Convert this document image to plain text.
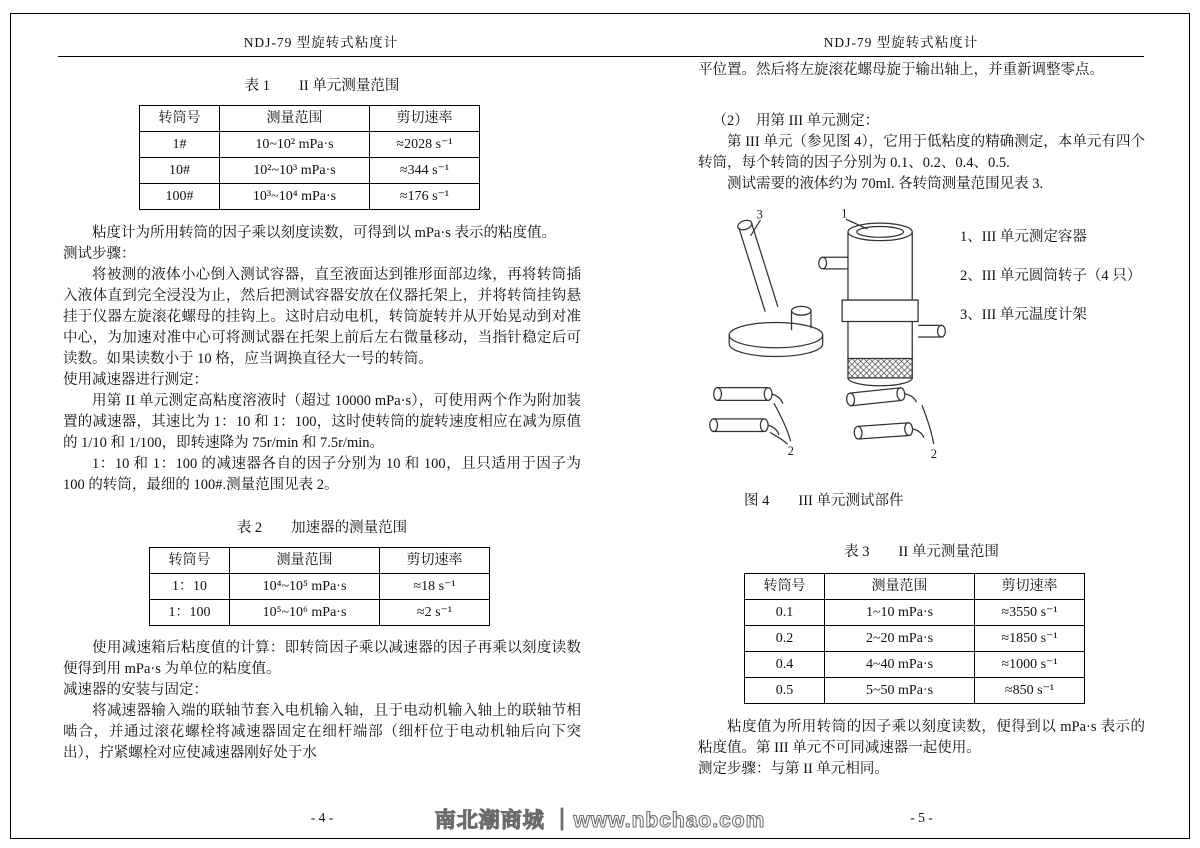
NDJ-79 型旋转式粘度计	NDJ-79 型旋转式粘度计
表 1　　II 单元测量范围
转筒号	测量范围	剪切速率
1#	10~10² mPa·s	≈2028 s⁻¹
10#	10²~10³ mPa·s	≈344 s⁻¹
100#	10³~10⁴ mPa·s	≈176 s⁻¹
粘度计为所用转筒的因子乘以刻度读数，可得到以 mPa·s 表示的粘度值。
测试步骤：
将被测的液体小心倒入测试容器，直至液面达到锥形面部边缘，再将转筒插入液体直到完全浸没为止，然后把测试容器安放在仪器托架上，并将转筒挂钩悬挂于仪器左旋滚花螺母的挂钩上。这时启动电机，转筒旋转并从开始晃动到对准中心，为加速对准中心可将测试器在托架上前后左右微量移动，当指针稳定后可读数。如果读数小于 10 格，应当调换直径大一号的转筒。
使用减速器进行测定：
用第 II 单元测定高粘度溶液时（超过 10000 mPa·s），可使用两个作为附加装置的减速器，其速比为 1：10 和 1：100，这时使转筒的旋转速度相应在减为原值的 1/10 和 1/100，即转速降为 75r/min 和 7.5r/min。
1：10 和 1：100 的减速器各自的因子分别为 10 和 100，且只适用于因子为 100 的转筒，最细的 100#.测量范围见表 2。
表 2　　加速器的测量范围
转筒号	测量范围	剪切速率
1：10	10⁴~10⁵ mPa·s	≈18 s⁻¹
1：100	10⁵~10⁶ mPa·s	≈2 s⁻¹
使用减速箱后粘度值的计算：即转筒因子乘以减速器的因子再乘以刻度读数便得到用 mPa·s 为单位的粘度值。
减速器的安装与固定：
将减速器输入端的联轴节套入电机输入轴，且于电动机输入轴上的联轴节相啮合，并通过滚花螺栓将减速器固定在细杆端部（细杆位于电动机轴后向下突出），拧紧螺栓对应使减速器刚好处于水
平位置。然后将左旋滚花螺母旋于输出轴上，并重新调整零点。
（2）　用第 III 单元测定：
第 III 单元（参见图 4），它用于低粘度的精确测定，本单元有四个转筒，每个转筒的因子分别为 0.1、0.2、0.4、0.5.
测试需要的液体约为 70ml. 各转筒测量范围见表 3.
3	1
2	2
1、III 单元测定容器
2、III 单元圆筒转子（4 只）
3、III 单元温度计架
图 4　　III 单元测试部件
表 3　　II 单元测量范围
转筒号	测量范围	剪切速率
0.1	1~10 mPa·s	≈3550 s⁻¹
0.2	2~20 mPa·s	≈1850 s⁻¹
0.4	4~40 mPa·s	≈1000 s⁻¹
0.5	5~50 mPa·s	≈850 s⁻¹
粘度值为所用转筒的因子乘以刻度读数，便得到以 mPa·s 表示的粘度值。第 III 单元不可同减速器一起使用。
测定步骤：与第 II 单元相同。
- 4 -	- 5 -
南北潮商城 ｜www.nbchao.com
